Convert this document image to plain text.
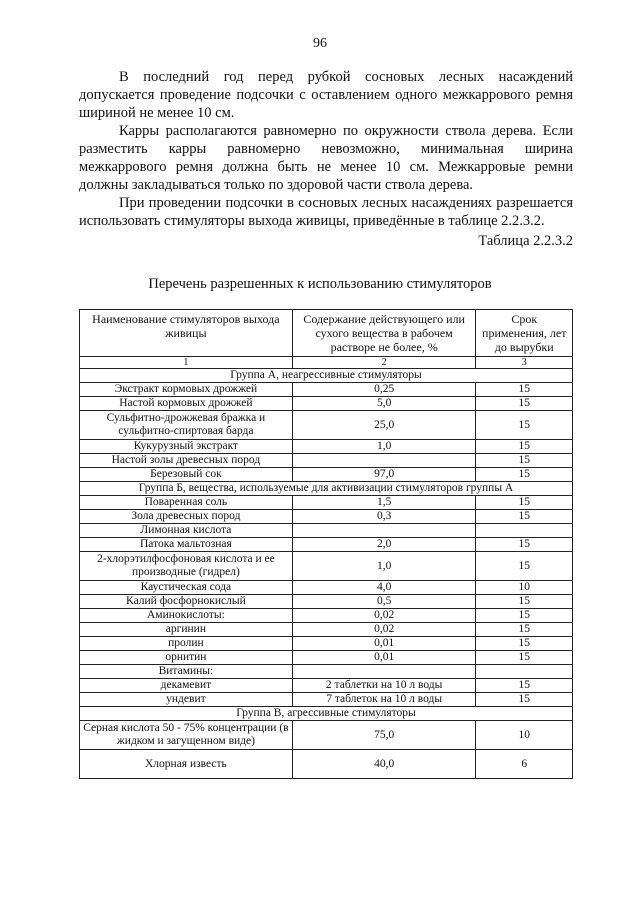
96

В последний год перед рубкой сосновых лесных насаждений допускается проведение подсочки с оставлением одного межкаррового ремня шириной не менее 10 см.

Карры располагаются равномерно по окружности ствола дерева. Если разместить карры равномерно невозможно, минимальная ширина межкаррового ремня должна быть не менее 10 см. Межкарровые ремни должны закладываться только по здоровой части ствола дерева.

При проведении подсочки в сосновых лесных насаждениях разрешается использовать стимуляторы выхода живицы, приведённые в таблице 2.2.3.2.

Таблица 2.2.3.2

Перечень разрешенных к использованию стимуляторов
Наименование стимуляторов выхода живицы	Содержание действующего или сухого вещества в рабочем растворе не более, %	Срок применения, лет до вырубки
1	2	3
Группа А, неагрессивные стимуляторы		
Экстракт кормовых дрожжей	0,25	15
Настой кормовых дрожжей	5,0	15
Сульфитно-дрожжевая бражка и сульфитно-спиртовая барда	25,0	15
Кукурузный экстракт	1,0	15
Настой золы древесных пород		15
Березовый сок	97,0	15
Группа Б, вещества, используемые для активизации стимуляторов группы А		
Поваренная соль	1,5	15
Зола древесных пород	0,3	15
Лимонная кислота		
Патока мальтозная	2,0	15
2-хлорэтилфосфоновая кислота и ее производные (гидрел)	1,0	15
Каустическая сода	4,0	10
Калий фосфорнокислый	0,5	15
Аминокислоты:	0,02	15
аргинин	0,02	15
пролин	0,01	15
орнитин	0,01	15
Витамины:		
декамевит	2 таблетки на 10 л воды	15
ундевит	7 таблеток на 10 л воды	15
Группа В, агрессивные стимуляторы		
Серная кислота 50 - 75% концентрации (в жидком и загущенном виде)	75,0	10
Хлорная известь	40,0	6
